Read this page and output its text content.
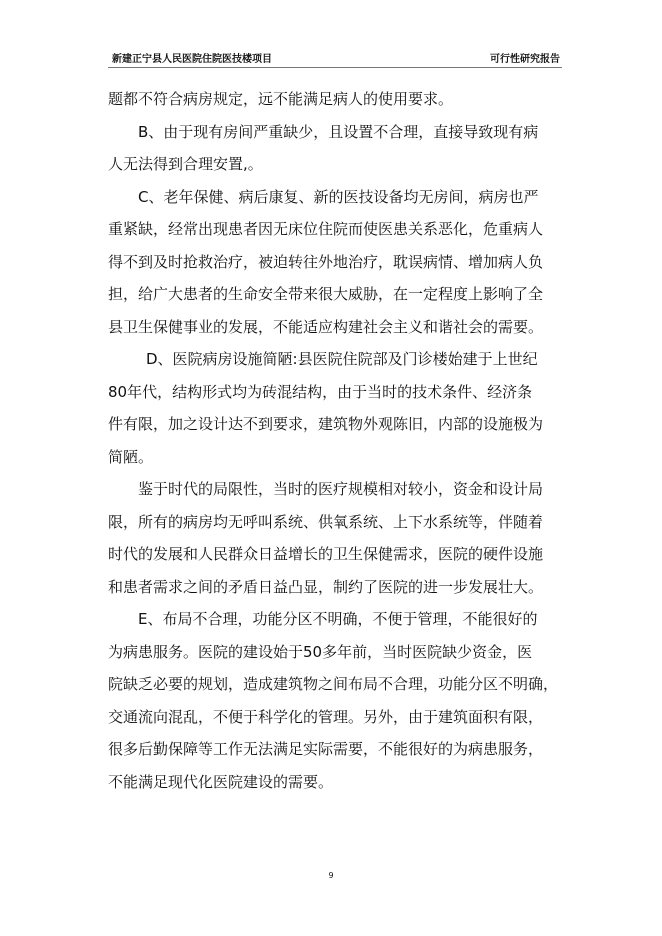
新建正宁县人民医院住院医技楼项目	可行性研究报告
题都不符合病房规定，远不能满足病人的使用要求。
B、由于现有房间严重缺少，且设置不合理，直接导致现有病
人无法得到合理安置,。
C、老年保健、病后康复、新的医技设备均无房间，病房也严
重紧缺，经常出现患者因无床位住院而使医患关系恶化，危重病人
得不到及时抢救治疗，被迫转往外地治疗，耽误病情、增加病人负
担，给广大患者的生命安全带来很大威胁，在一定程度上影响了全
县卫生保健事业的发展，不能适应构建社会主义和谐社会的需要。
D、医院病房设施简陋:县医院住院部及门诊楼始建于上世纪
80年代，结构形式均为砖混结构，由于当时的技术条件、经济条
件有限，加之设计达不到要求，建筑物外观陈旧，内部的设施极为
简陋。
鉴于时代的局限性，当时的医疗规模相对较小，资金和设计局
限，所有的病房均无呼叫系统、供氧系统、上下水系统等，伴随着
时代的发展和人民群众日益增长的卫生保健需求，医院的硬件设施
和患者需求之间的矛盾日益凸显，制约了医院的进一步发展壮大。
E、布局不合理，功能分区不明确，不便于管理，不能很好的
为病患服务。医院的建设始于50多年前，当时医院缺少资金，医
院缺乏必要的规划，造成建筑物之间布局不合理，功能分区不明确，
交通流向混乱，不便于科学化的管理。另外，由于建筑面积有限，
很多后勤保障等工作无法满足实际需要，不能很好的为病患服务，
不能满足现代化医院建设的需要。
9
